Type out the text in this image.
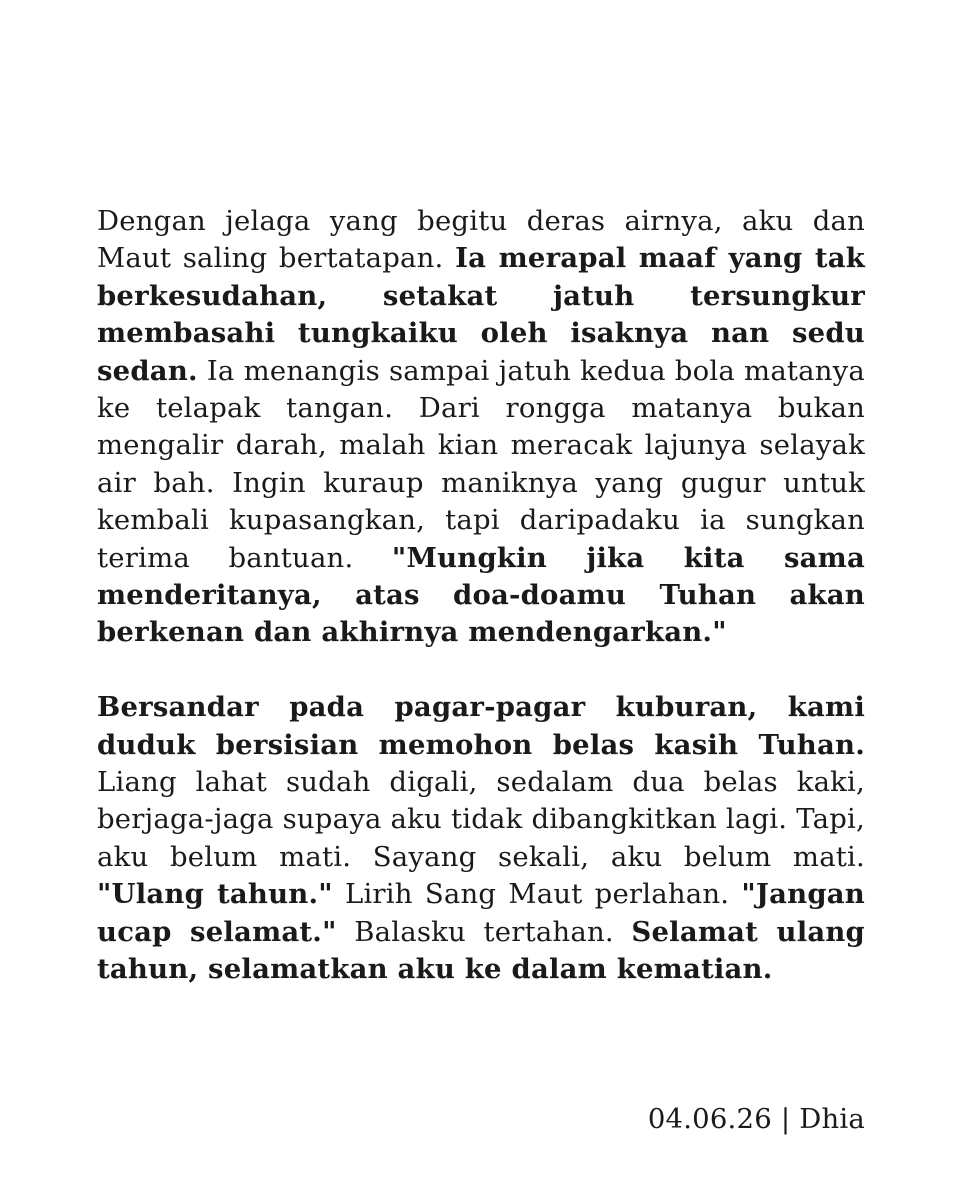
Dengan jelaga yang begitu deras airnya, aku dan Maut saling bertatapan. Ia merapal maaf yang tak berkesudahan, setakat jatuh tersungkur membasahi tungkaiku oleh isaknya nan sedu sedan. Ia menangis sampai jatuh kedua bola matanya ke telapak tangan. Dari rongga matanya bukan mengalir darah, malah kian meracak lajunya selayak air bah. Ingin kuraup maniknya yang gugur untuk kembali kupasangkan, tapi daripadaku ia sungkan terima bantuan. "Mungkin jika kita sama menderitanya, atas doa-doamu Tuhan akan berkenan dan akhirnya mendengarkan."

Bersandar pada pagar-pagar kuburan, kami duduk bersisian memohon belas kasih Tuhan. Liang lahat sudah digali, sedalam dua belas kaki, berjaga-jaga supaya aku tidak dibangkitkan lagi. Tapi, aku belum mati. Sayang sekali, aku belum mati. "Ulang tahun." Lirih Sang Maut perlahan. "Jangan ucap selamat." Balasku tertahan. Selamat ulang tahun, selamatkan aku ke dalam kematian.

04.06.26 | Dhia
